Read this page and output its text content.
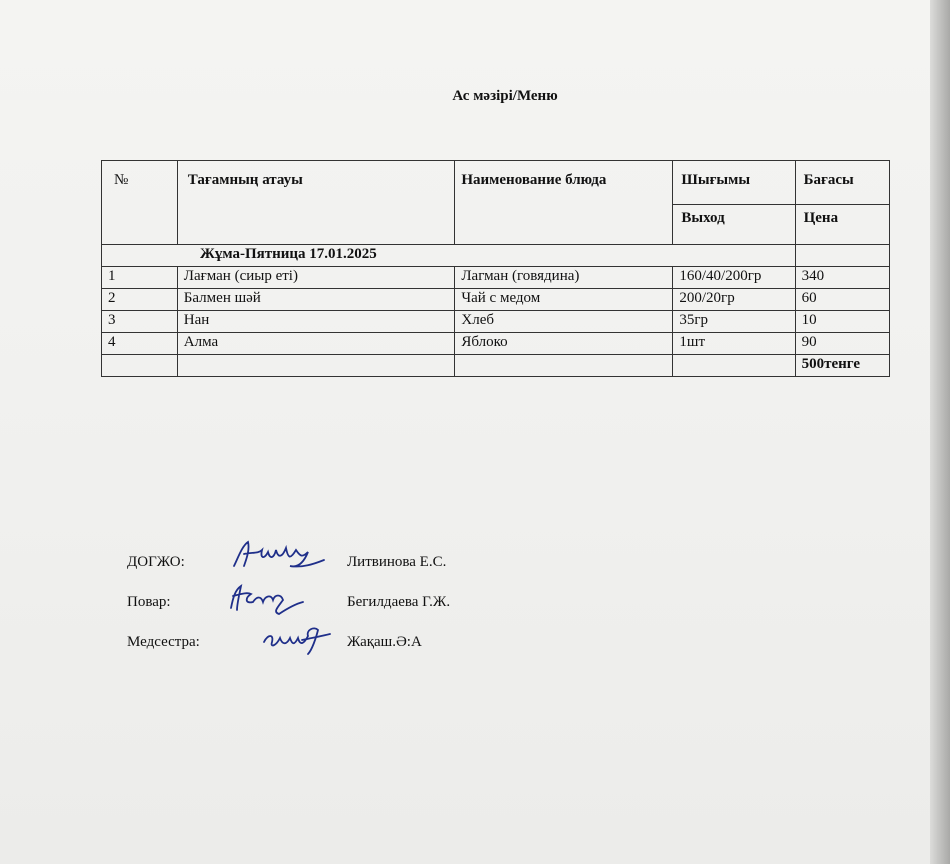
Ас мәзірі/Меню
№	Тағамның атауы	Наименование блюда	Шығымы	Бағасы
			Выход	Цена
Жұма-Пятница 17.01.2025				
1	Лағман (сиыр еті)	Лагман (говядина)	160/40/200гр	340
2	Балмен шәй	Чай с медом	200/20гр	60
3	Нан	Хлеб	35гр	10
4	Алма	Яблоко	1шт	90
				500тенге
ДОГЖО:	Литвинова Е.С.
Повар:	Бегилдаева Г.Ж.
Медсестра:	Жақаш.Ә:А
